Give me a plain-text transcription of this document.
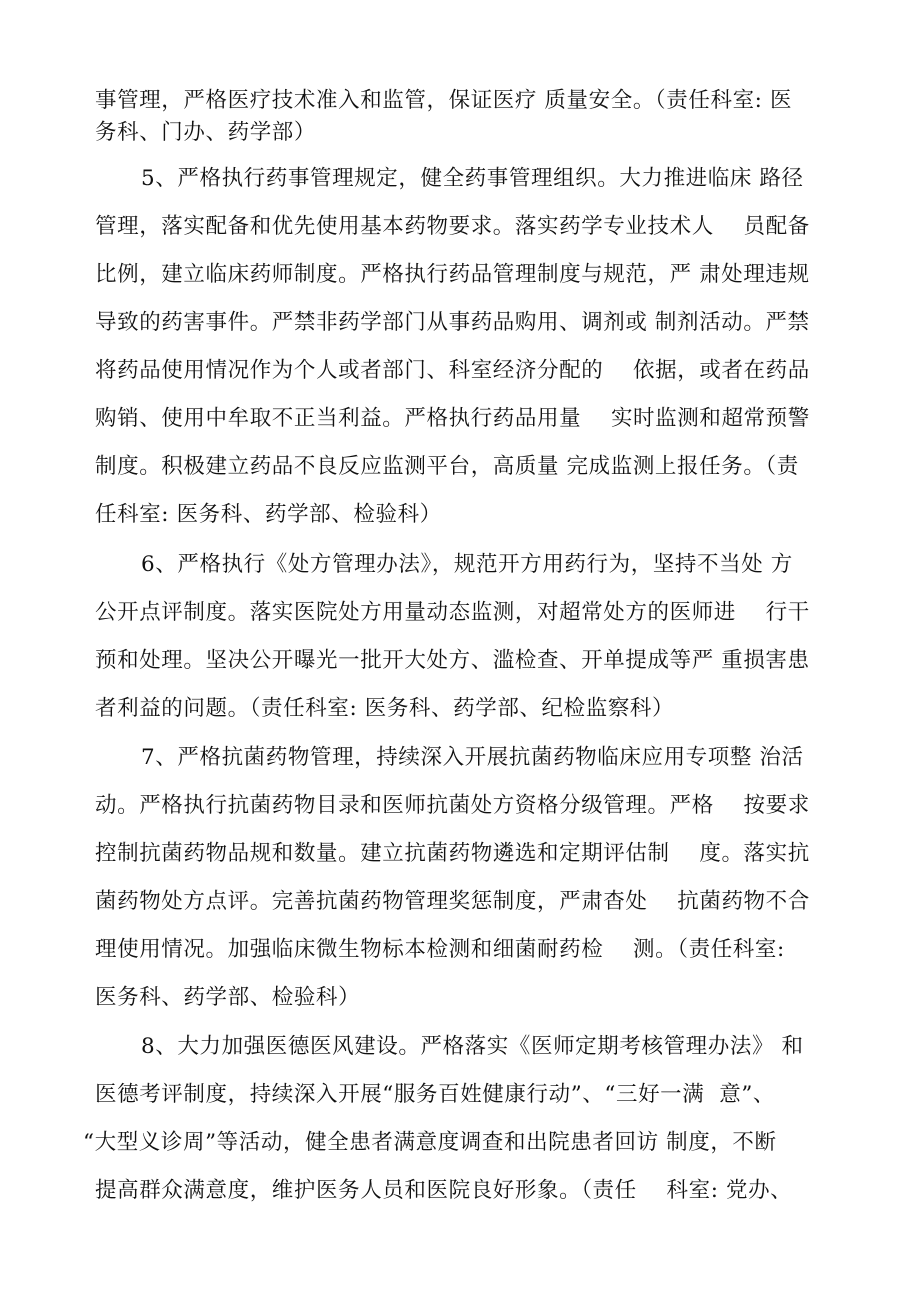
事管理，严格医疗技术准入和监管，保证医疗 质量安全。（责任科室: 医

务科、门办、药学部）

5、严格执行药事管理规定，健全药事管理组织。大力推进临床 路径

管理，落实配备和优先使用基本药物要求。落实药学专业技术人    员配备

比例，建立临床药师制度。严格执行药品管理制度与规范，严 肃处理违规

导致的药害事件。严禁非药学部门从事药品购用、调剂或 制剂活动。严禁

将药品使用情况作为个人或者部门、科室经济分配的    依据，或者在药品

购销、使用中牟取不正当利益。严格执行药品用量    实时监测和超常预警

制度。积极建立药品不良反应监测平台，高质量 完成监测上报任务。（责

任科室: 医务科、药学部、检验科）

6、严格执行《处方管理办法》，规范开方用药行为，坚持不当处 方

公开点评制度。落实医院处方用量动态监测，对超常处方的医师进    行干

预和处理。坚决公开曝光一批开大处方、滥检查、开单提成等严 重损害患

者利益的问题。（责任科室: 医务科、药学部、纪检监察科）

7、严格抗菌药物管理，持续深入开展抗菌药物临床应用专项整 治活

动。严格执行抗菌药物目录和医师抗菌处方资格分级管理。严格    按要求

控制抗菌药物品规和数量。建立抗菌药物遴选和定期评估制    度。落实抗

菌药物处方点评。完善抗菌药物管理奖惩制度，严肃杳处    抗菌药物不合

理使用情况。加强临床微生物标本检测和细菌耐药检    测。（责任科室:

医务科、药学部、检验科）

8、大力加强医德医风建设。严格落实《医师定期考核管理办法》 和

医德考评制度，持续深入开展“服务百姓健康行动”、“三好一满  意”、

“大型义诊周”等活动，健全患者满意度调查和出院患者回访 制度，不断

提高群众满意度，维护医务人员和医院良好形象。（责任    科室: 党办、
